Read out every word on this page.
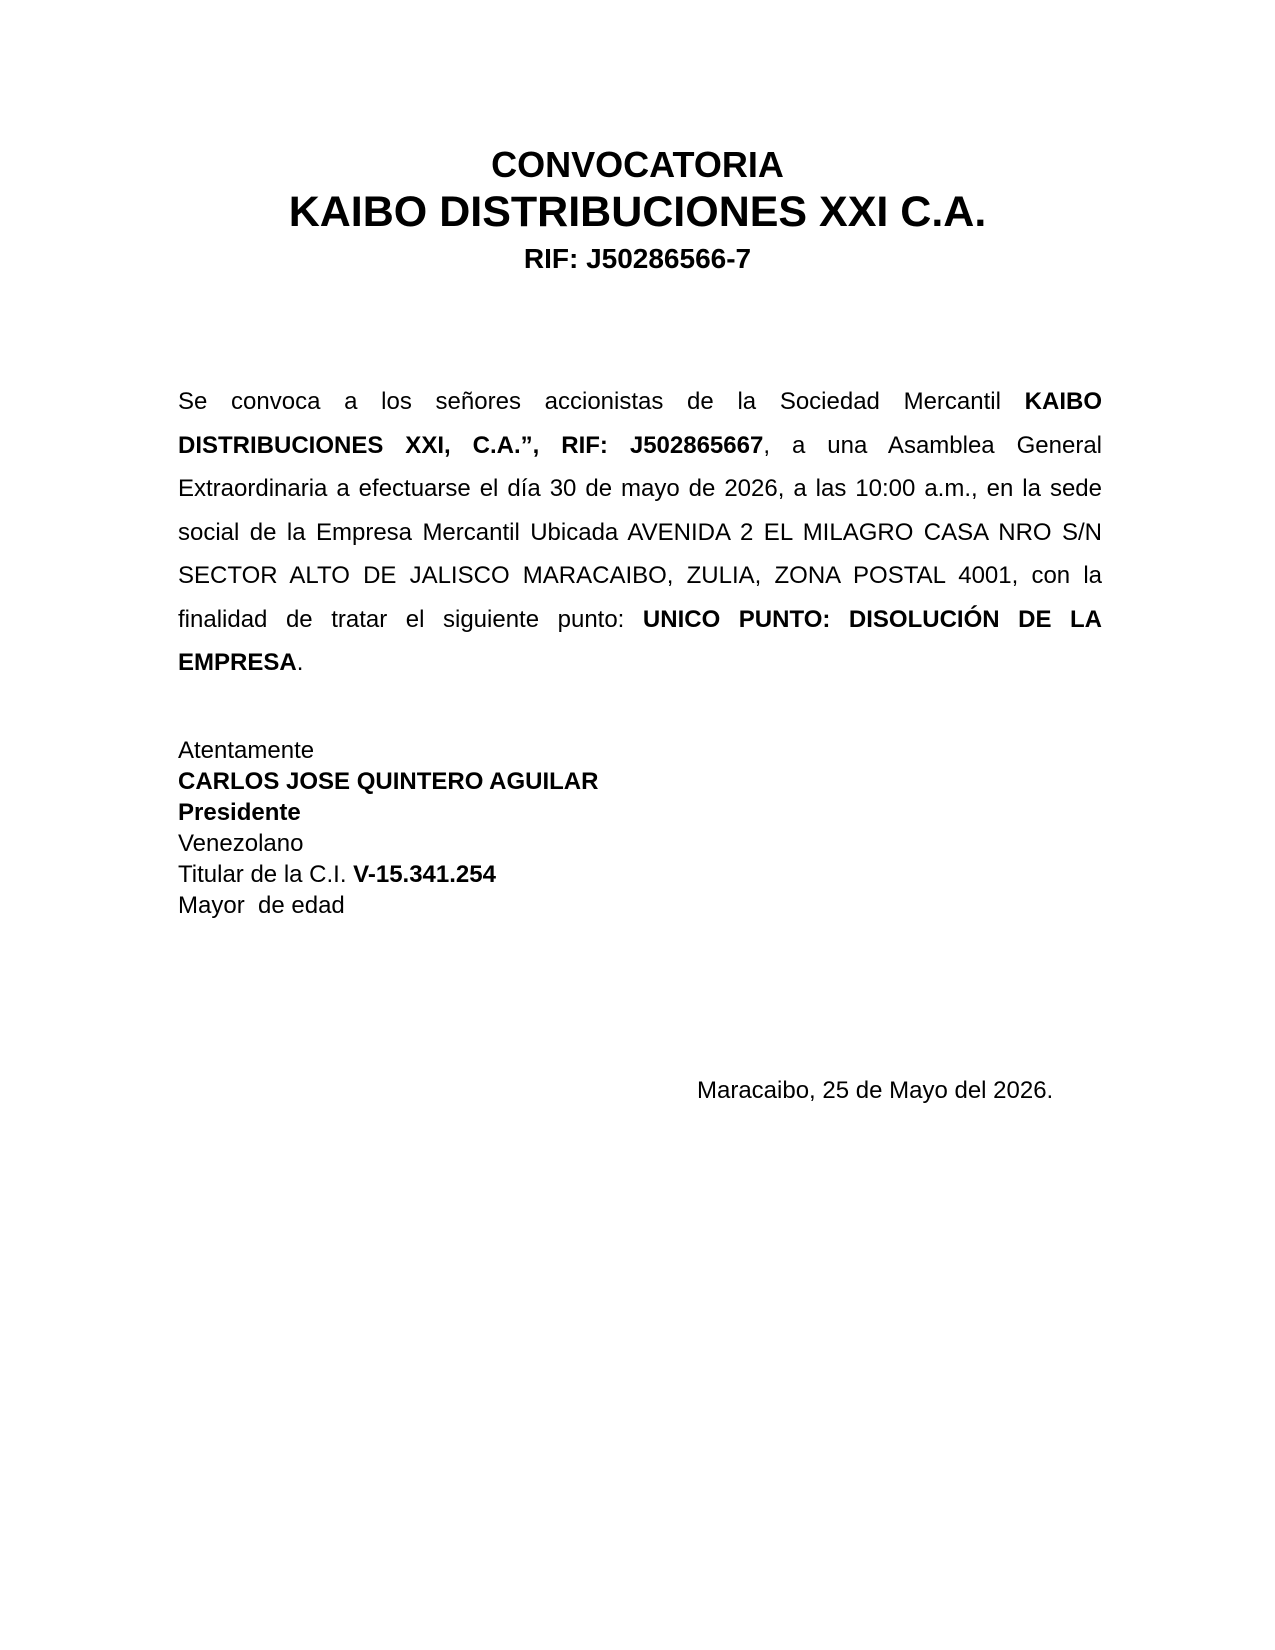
CONVOCATORIA
KAIBO DISTRIBUCIONES XXI C.A.
RIF: J50286566-7
Se convoca a los señores accionistas de la Sociedad Mercantil KAIBO DISTRIBUCIONES XXI, C.A.”, RIF: J502865667, a una Asamblea General Extraordinaria a efectuarse el día 30 de mayo de 2026, a las 10:00 a.m., en la sede social de la Empresa Mercantil Ubicada AVENIDA 2 EL MILAGRO CASA NRO S/N SECTOR ALTO DE JALISCO MARACAIBO, ZULIA, ZONA POSTAL 4001, con la finalidad de tratar el siguiente punto: UNICO PUNTO: DISOLUCIÓN DE LA EMPRESA.
Atentamente
CARLOS JOSE QUINTERO AGUILAR
Presidente
Venezolano
Titular de la C.I. V-15.341.254
Mayor  de edad
Maracaibo, 25 de Mayo del 2026.
